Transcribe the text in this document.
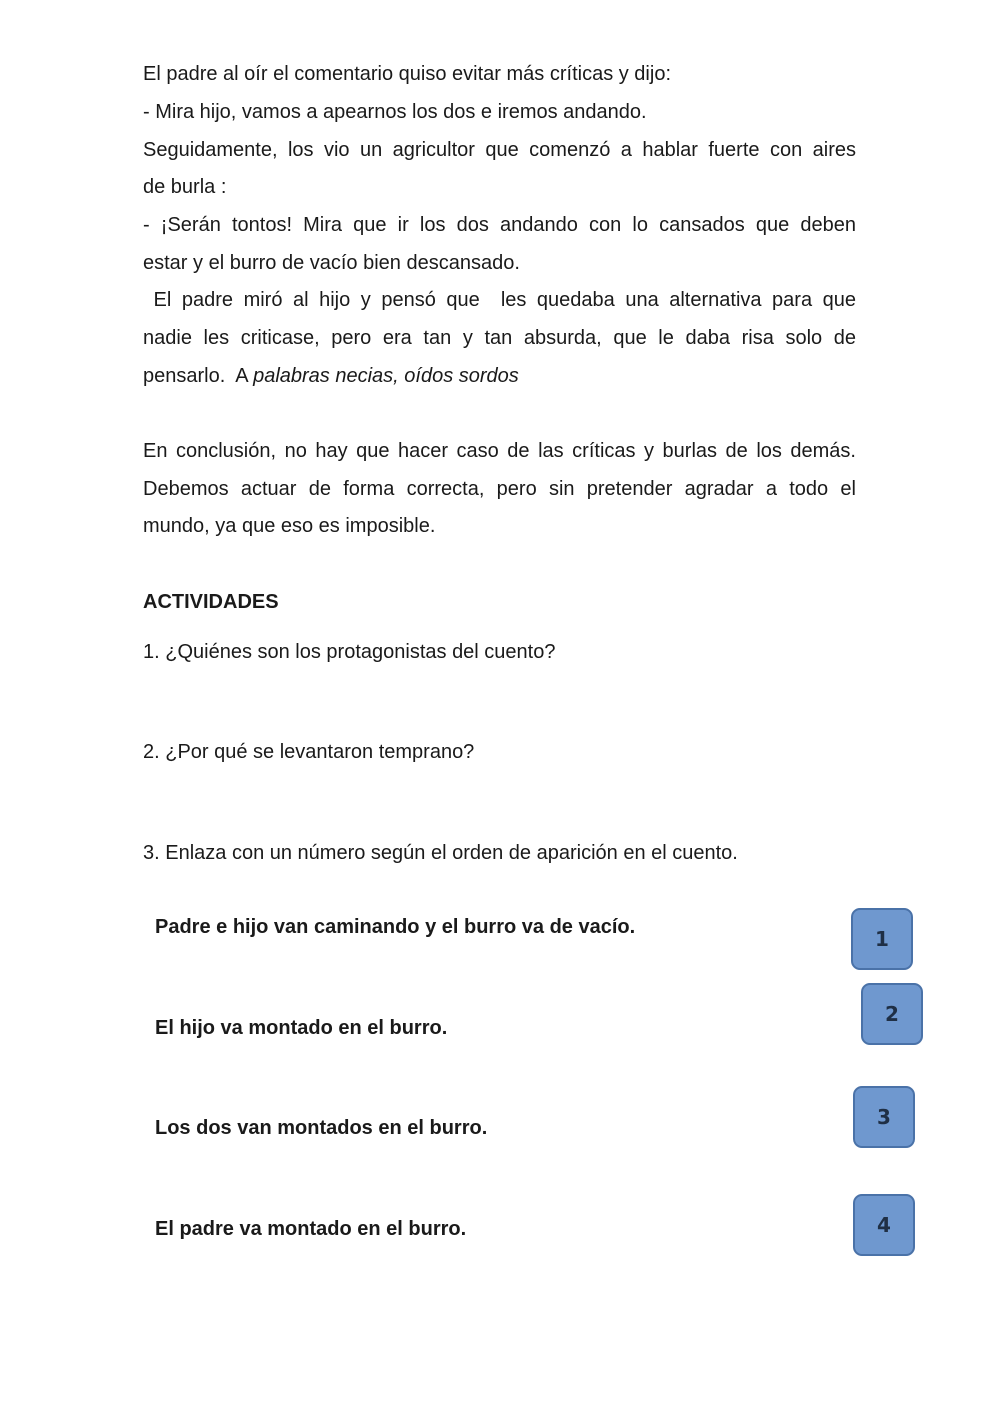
El padre al oír el comentario quiso evitar más críticas y dijo:
- Mira hijo, vamos a apearnos los dos e iremos andando.
Seguidamente, los vio un agricultor que comenzó a hablar fuerte con aires
de burla :
- ¡Serán tontos! Mira que ir los dos andando con lo cansados que deben
estar y el burro de vacío bien descansado.
El padre miró al hijo y pensó que  les quedaba una alternativa para que
nadie les criticase, pero era tan y tan absurda, que le daba risa solo de
pensarlo.  A palabras necias, oídos sordos
En conclusión, no hay que hacer caso de las críticas y burlas de los demás.
Debemos actuar de forma correcta, pero sin pretender agradar a todo el
mundo, ya que eso es imposible.
ACTIVIDADES
1. ¿Quiénes son los protagonistas del cuento?
2. ¿Por qué se levantaron temprano?
3. Enlaza con un número según el orden de aparición en el cuento.
Padre e hijo van caminando y el burro va de vacío.
El hijo va montado en el burro.
Los dos van montados en el burro.
El padre va montado en el burro.
1
2
3
4
